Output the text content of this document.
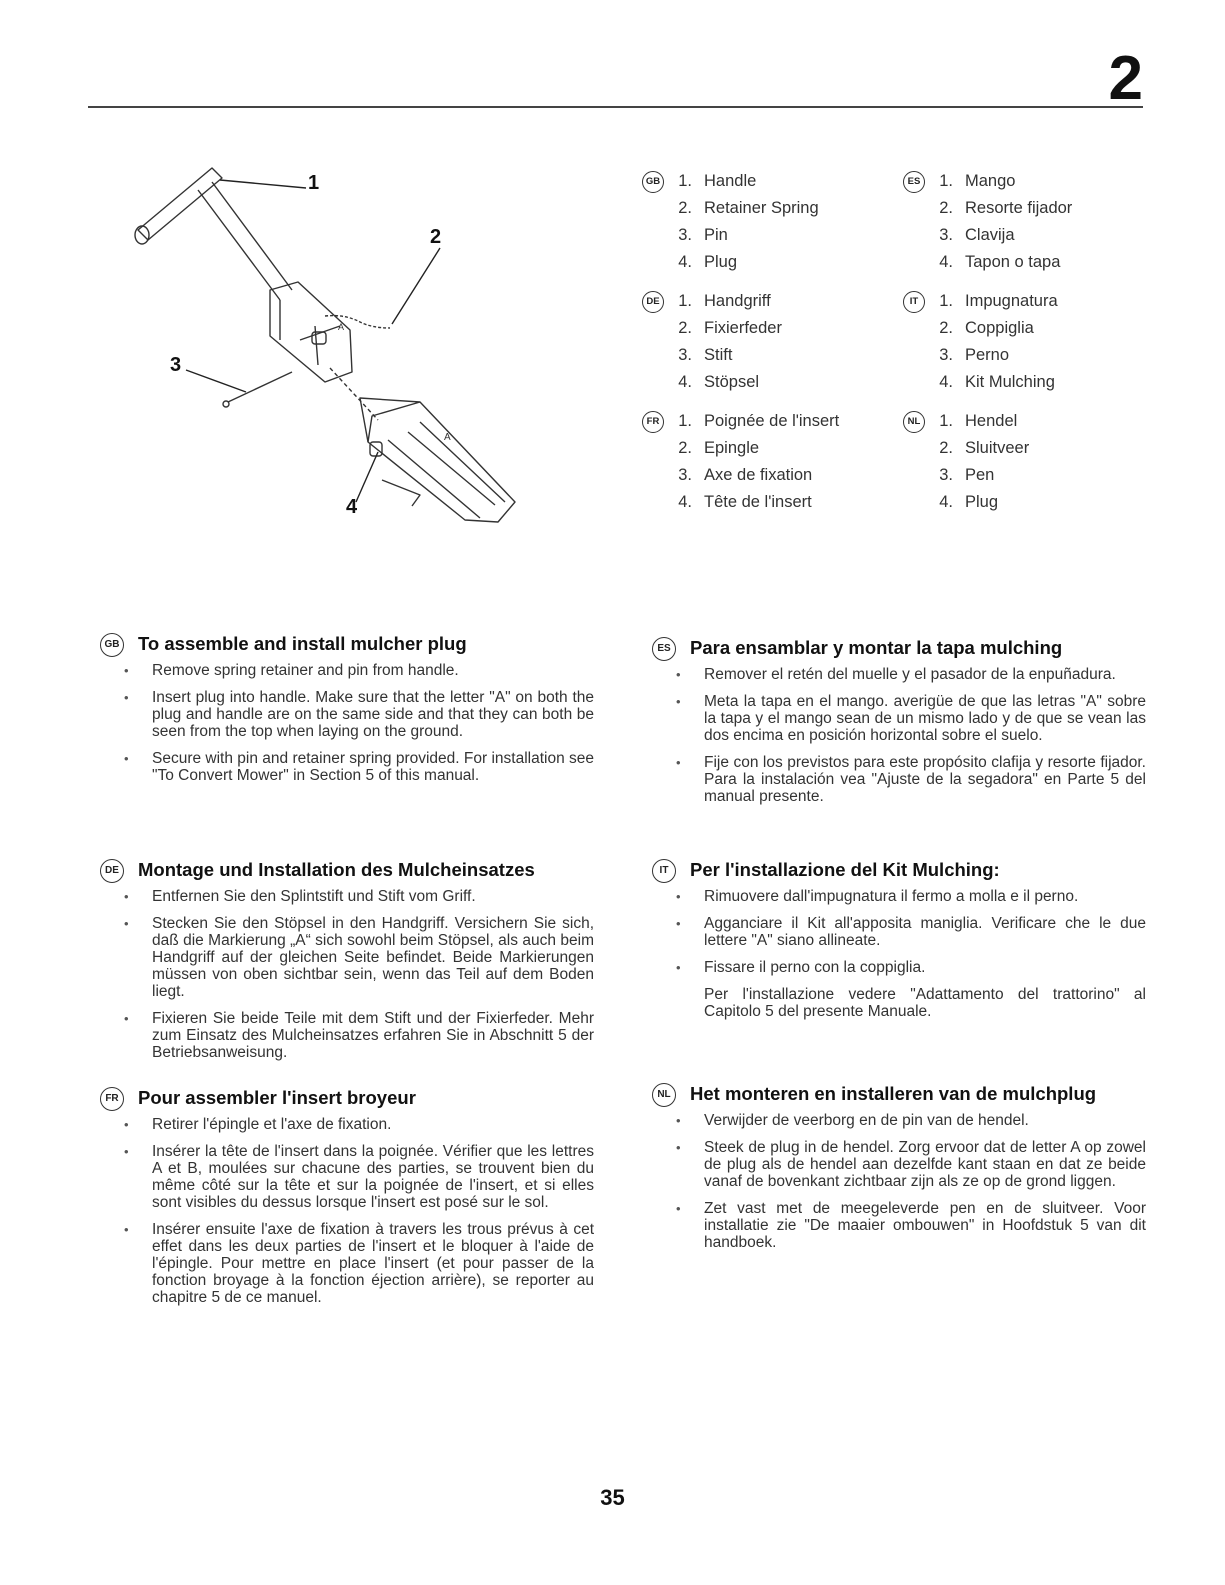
2
A
A
1
2
3
4
GB	1. Handle
2. Retainer Spring
3. Pin
4. Plug
DE	1. Handgriff
2. Fixierfeder
3. Stift
4. Stöpsel
FR	1. Poignée de l'insert
2. Epingle
3. Axe de fixation
4. Tête de l'insert
ES	1. Mango
2. Resorte fijador
3. Clavija
4. Tapon o tapa
IT	1. Impugnatura
2. Coppiglia
3. Perno
4. Kit Mulching
NL	1. Hendel
2. Sluitveer
3. Pen
4. Plug
GB To assemble and install mulcher plug
• Remove spring retainer and pin from handle.
• Insert plug into handle. Make sure that the letter "A" on both the plug and handle are on the same side and that they can both be seen from the top when laying on the ground.
• Secure with pin and retainer spring provided. For installation see "To Convert Mower" in Section 5 of this manual.
DE Montage und Installation des Mulcheinsatzes
• Entfernen Sie den Splintstift und Stift vom Griff.
• Stecken Sie den Stöpsel in den Handgriff. Versichern Sie sich, daß die Markierung „A“ sich sowohl beim Stöpsel, als auch beim Handgriff auf der gleichen Seite befindet. Beide Markierungen müssen von oben sichtbar sein, wenn das Teil auf dem Boden liegt.
• Fixieren Sie beide Teile mit dem Stift und der Fixierfeder. Mehr zum Einsatz des Mulcheinsatzes erfahren Sie in Abschnitt 5 der Betriebsanweisung.
FR Pour assembler l'insert broyeur
• Retirer l'épingle et l'axe de fixation.
• Insérer la tête de l'insert dans la poignée. Vérifier que les lettres A et B, moulées sur chacune des parties, se trouvent bien du même côté sur la tête et sur la poignée de l'insert, et si elles sont visibles du dessus lorsque l'insert est posé sur le sol.
• Insérer ensuite l'axe de fixation à travers les trous prévus à cet effet dans les deux parties de l'insert et le bloquer à l'aide de l'épingle. Pour mettre en place l'insert (et pour passer de la fonction broyage à la fonction éjection arrière), se reporter au chapitre 5 de ce manuel.
ES Para ensamblar y montar la tapa mulching
• Remover el retén del muelle y el pasador de la enpuñadura.
• Meta la tapa en el mango. averigüe de que las letras "A" sobre la tapa y el mango sean de un mismo lado y de que se vean las dos encima en posición horizontal sobre el suelo.
• Fije con los previstos para este propósito clafija y resorte fijador. Para la instalación vea "Ajuste de la segadora" en Parte 5 del manual presente.
IT	Per l'installazione del Kit Mulching:
• Rimuovere dall'impugnatura il fermo a molla e il perno.
• Agganciare il Kit all'apposita maniglia. Verificare che le due lettere "A" siano allineate.
• Fissare il perno con la coppiglia.
Per l'installazione vedere "Adattamento del trattorino" al Capitolo 5 del presente Manuale.
NL Het monteren en installeren van de mulchplug
• Verwijder de veerborg en de pin van de hendel.
• Steek de plug in de hendel. Zorg ervoor dat de letter A op zowel de plug als de hendel aan dezelfde kant staan en dat ze beide vanaf de bovenkant zichtbaar zijn als ze op de grond liggen.
• Zet vast met de meegeleverde pen en de sluitveer. Voor installatie zie "De maaier ombouwen" in Hoofdstuk 5 van dit handboek.
35
